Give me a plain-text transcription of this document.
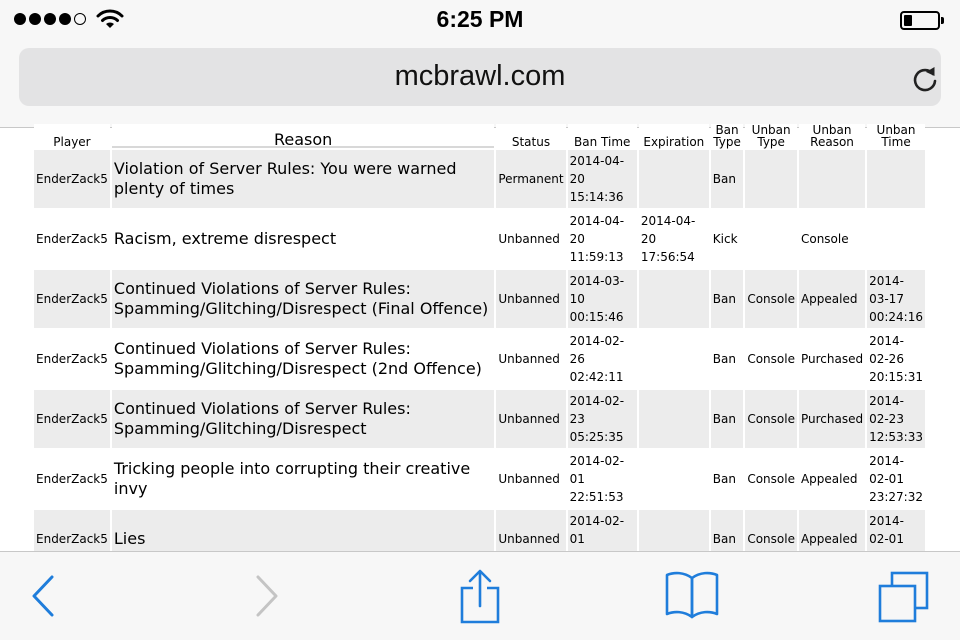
6:25 PM
mcbrawl.com
Player	Reason	Status	Ban Time	Expiration	Ban Type	Unban Type	Unban Reason	Unban Time
EnderZack5	Violation of Server Rules: You were warned plenty of times	Permanent	2014-04-20 15:14:36		Ban			
EnderZack5	Racism, extreme disrespect	Unbanned	2014-04-20 11:59:13	2014-04-20 17:56:54	Kick		Console	
EnderZack5	Continued Violations of Server Rules: Spamming/Glitching/Disrespect (Final Offence)	Unbanned	2014-03-10 00:15:46		Ban	Console	Appealed	2014-03-17 00:24:16
EnderZack5	Continued Violations of Server Rules: Spamming/Glitching/Disrespect (2nd Offence)	Unbanned	2014-02-26 02:42:11		Ban	Console	Purchased	2014-02-26 20:15:31
EnderZack5	Continued Violations of Server Rules: Spamming/Glitching/Disrespect	Unbanned	2014-02-23 05:25:35		Ban	Console	Purchased	2014-02-23 12:53:33
EnderZack5	Tricking people into corrupting their creative invy	Unbanned	2014-02-01 22:51:53		Ban	Console	Appealed	2014-02-01 23:27:32
EnderZack5	Lies	Unbanned	2014-02-01		Ban	Console	Appealed	2014-02-01
